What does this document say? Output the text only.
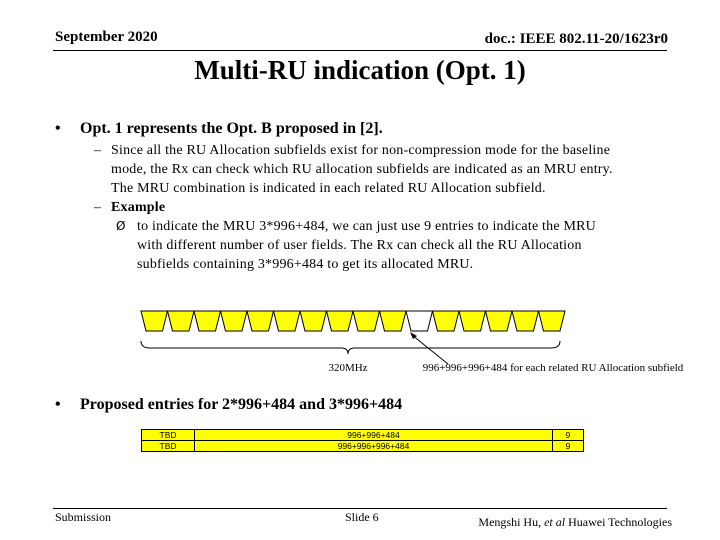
September 2020	doc.: IEEE 802.11-20/1623r0
Multi-RU indication (Opt. 1)
• Opt. 1 represents the Opt. B proposed in [2].
– Since all the RU Allocation subfields exist for non-compression mode for the baseline
mode, the Rx can check which RU allocation subfields are indicated as an MRU entry.
The MRU combination is indicated in each related RU Allocation subfield.
– Example
Ø to indicate the MRU 3*996+484, we can just use 9 entries to indicate the MRU
with different number of user fields. The Rx can check all the RU Allocation
subfields containing 3*996+484 to get its allocated MRU.
320MHz	996+996+996+484 for each related RU Allocation subfield
• Proposed entries for 2*996+484 and 3*996+484
TBD	996+996+484	9
TBD	996+996+996+484	9
Submission	Slide 6	Mengshi Hu, et al Huawei Technologies
